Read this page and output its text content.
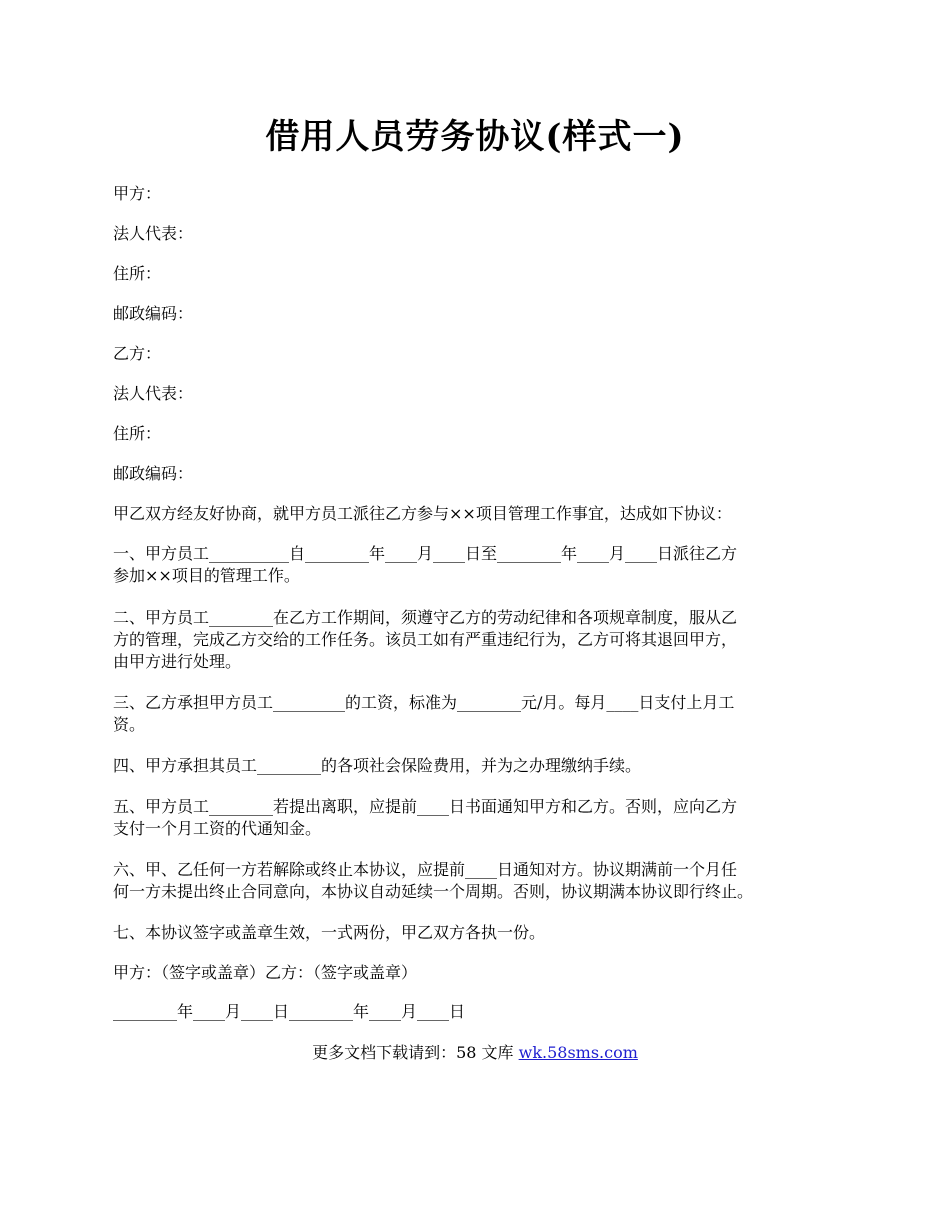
借用人员劳务协议(样式一)
甲方：
法人代表：
住所：
邮政编码：
乙方：
法人代表：
住所：
邮政编码：
甲乙双方经友好协商，就甲方员工派往乙方参与××项目管理工作事宜，达成如下协议：
一、甲方员工__________自________年____月____日至________年____月____日派往乙方
参加××项目的管理工作。
二、甲方员工________在乙方工作期间，须遵守乙方的劳动纪律和各项规章制度，服从乙
方的管理，完成乙方交给的工作任务。该员工如有严重违纪行为，乙方可将其退回甲方，
由甲方进行处理。
三、乙方承担甲方员工_________的工资，标准为________元/月。每月____日支付上月工
资。
四、甲方承担其员工________的各项社会保险费用，并为之办理缴纳手续。
五、甲方员工________若提出离职，应提前____日书面通知甲方和乙方。否则，应向乙方
支付一个月工资的代通知金。
六、甲、乙任何一方若解除或终止本协议，应提前____日通知对方。协议期满前一个月任
何一方未提出终止合同意向，本协议自动延续一个周期。否则，协议期满本协议即行终止。
七、本协议签字或盖章生效，一式两份，甲乙双方各执一份。
甲方：（签字或盖章）乙方：（签字或盖章）
________年____月____日________年____月____日
更多文档下载请到：58 文库 wk.58sms.com
